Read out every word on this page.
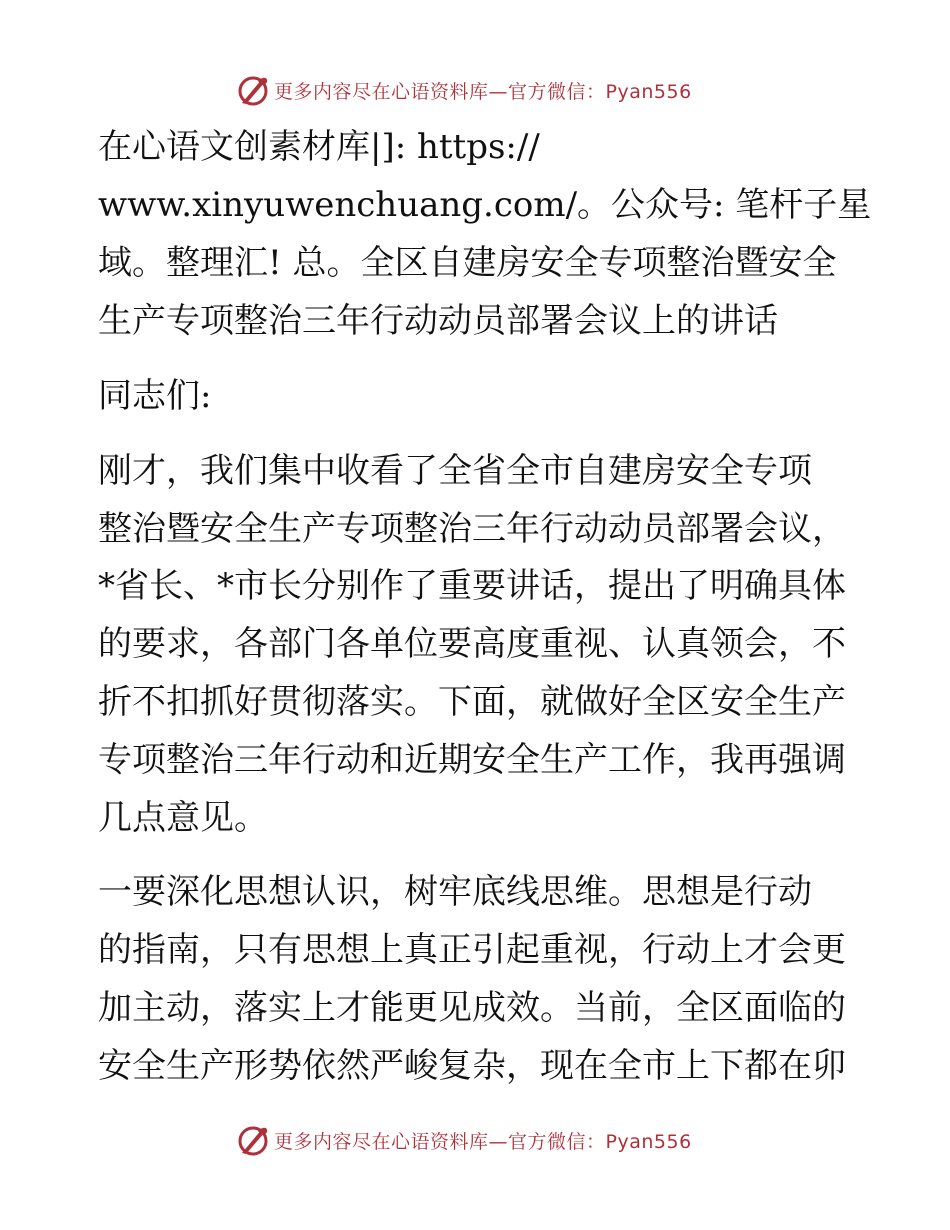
更多内容尽在心语资料库—官方微信：Pyan556
在心语文创素材库|]: https://
www.xinyuwenchuang.com/。公众号: 笔杆子星
域。整理汇! 总。全区自建房安全专项整治暨安全
生产专项整治三年行动动员部署会议上的讲话
同志们:
刚才，我们集中收看了全省全市自建房安全专项
整治暨安全生产专项整治三年行动动员部署会议，
*省长、*市长分别作了重要讲话，提出了明确具体
的要求，各部门各单位要高度重视、认真领会，不
折不扣抓好贯彻落实。下面，就做好全区安全生产
专项整治三年行动和近期安全生产工作，我再强调
几点意见。
一要深化思想认识，树牢底线思维。思想是行动
的指南，只有思想上真正引起重视，行动上才会更
加主动，落实上才能更见成效。当前，全区面临的
安全生产形势依然严峻复杂，现在全市上下都在卯
更多内容尽在心语资料库—官方微信：Pyan556
